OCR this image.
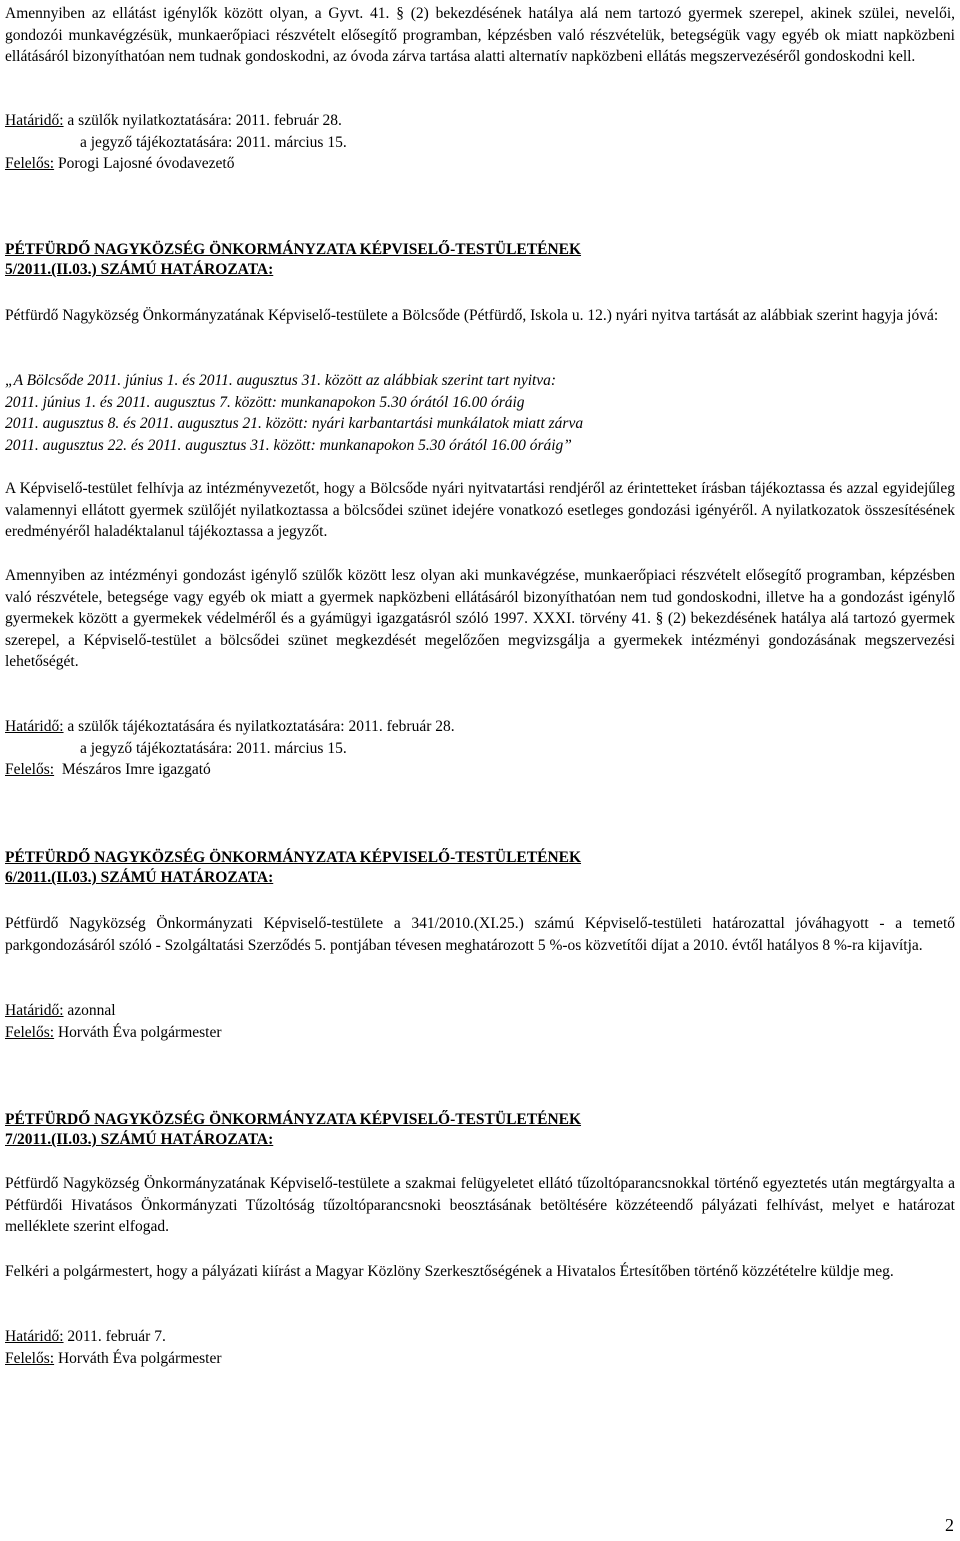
Amennyiben az ellátást igénylők között olyan, a Gyvt. 41. § (2) bekezdésének hatálya alá nem tartozó gyermek szerepel, akinek szülei, nevelői, gondozói munkavégzésük, munkaerőpiaci részvételt elősegítő programban, képzésben való részvételük, betegségük vagy egyéb ok miatt napközbeni ellátásáról bizonyíthatóan nem tudnak gondoskodni, az óvoda zárva tartása alatti alternatív napközbeni ellátás megszervezéséről gondoskodni kell.

Határidő: a szülők nyilatkoztatására: 2011. február 28.

a jegyző tájékoztatására: 2011. március 15.

Felelős: Porogi Lajosné óvodavezető

PÉTFÜRDŐ NAGYKÖZSÉG ÖNKORMÁNYZATA KÉPVISELŐ-TESTÜLETÉNEK

5/2011.(II.03.) SZÁMÚ HATÁROZATA:

Pétfürdő Nagyközség Önkormányzatának Képviselő-testülete a Bölcsőde (Pétfürdő, Iskola u. 12.) nyári nyitva tartását az alábbiak szerint hagyja jóvá:

„A Bölcsőde 2011. június 1. és 2011. augusztus 31. között az alábbiak szerint tart nyitva:

2011. június 1. és 2011. augusztus 7. között: munkanapokon 5.30 órától 16.00 óráig

2011. augusztus 8. és 2011. augusztus 21. között: nyári karbantartási munkálatok miatt zárva

2011. augusztus 22. és 2011. augusztus 31. között: munkanapokon 5.30 órától 16.00 óráig”

A Képviselő-testület felhívja az intézményvezetőt, hogy a Bölcsőde nyári nyitvatartási rendjéről az érintetteket írásban tájékoztassa és azzal egyidejűleg valamennyi ellátott gyermek szülőjét nyilatkoztassa a bölcsődei szünet idejére vonatkozó esetleges gondozási igényéről. A nyilatkozatok összesítésének eredményéről haladéktalanul tájékoztassa a jegyzőt.

Amennyiben az intézményi gondozást igénylő szülők között lesz olyan aki munkavégzése, munkaerőpiaci részvételt elősegítő programban, képzésben való részvétele, betegsége vagy egyéb ok miatt a gyermek napközbeni ellátásáról bizonyíthatóan nem tud gondoskodni, illetve ha a gondozást igénylő gyermekek között a gyermekek védelméről és a gyámügyi igazgatásról szóló 1997. XXXI. törvény 41. § (2) bekezdésének hatálya alá tartozó gyermek szerepel, a Képviselő-testület a bölcsődei szünet megkezdését megelőzően megvizsgálja a gyermekek intézményi gondozásának megszervezési lehetőségét.

Határidő: a szülők tájékoztatására és nyilatkoztatására: 2011. február 28.

a jegyző tájékoztatására: 2011. március 15.

Felelős:  Mészáros Imre igazgató

PÉTFÜRDŐ NAGYKÖZSÉG ÖNKORMÁNYZATA KÉPVISELŐ-TESTÜLETÉNEK

6/2011.(II.03.) SZÁMÚ HATÁROZATA:

Pétfürdő Nagyközség Önkormányzati Képviselő-testülete a 341/2010.(XI.25.) számú Képviselő-testületi határozattal jóváhagyott - a temető parkgondozásáról szóló - Szolgáltatási Szerződés 5. pontjában tévesen meghatározott 5 %-os közvetítői díjat a 2010. évtől hatályos 8 %-ra kijavítja.

Határidő: azonnal

Felelős: Horváth Éva polgármester

PÉTFÜRDŐ NAGYKÖZSÉG ÖNKORMÁNYZATA KÉPVISELŐ-TESTÜLETÉNEK

7/2011.(II.03.) SZÁMÚ HATÁROZATA:

Pétfürdő Nagyközség Önkormányzatának Képviselő-testülete a szakmai felügyeletet ellátó tűzoltóparancsnokkal történő egyeztetés után megtárgyalta a Pétfürdői Hivatásos Önkormányzati Tűzoltóság tűzoltóparancsnoki beosztásának betöltésére közzéteendő pályázati felhívást, melyet e határozat melléklete szerint elfogad.

Felkéri a polgármestert, hogy a pályázati kiírást a Magyar Közlöny Szerkesztőségének a Hivatalos Értesítőben történő közzétételre küldje meg.

Határidő: 2011. február 7.

Felelős: Horváth Éva polgármester

2
